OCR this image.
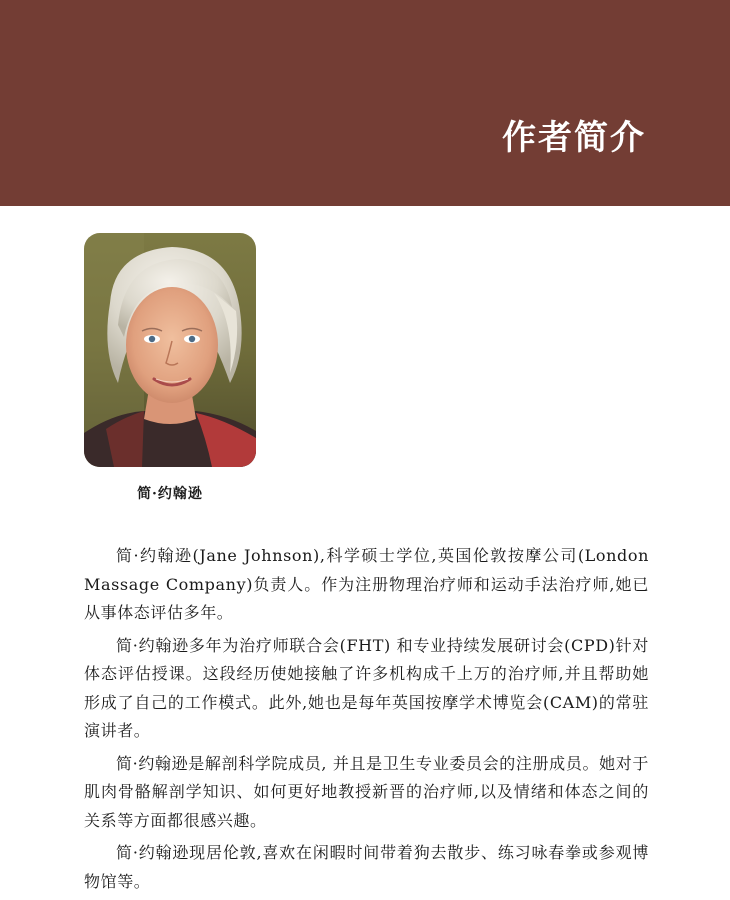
作者简介
简·约翰逊

简·约翰逊(Jane Johnson),科学硕士学位,英国伦敦按摩公司(London Massage Company)负责人。作为注册物理治疗师和运动手法治疗师,她已从事体态评估多年。

简·约翰逊多年为治疗师联合会(FHT) 和专业持续发展研讨会(CPD)针对体态评估授课。这段经历使她接触了许多机构成千上万的治疗师,并且帮助她形成了自己的工作模式。此外,她也是每年英国按摩学术博览会(CAM)的常驻演讲者。

简·约翰逊是解剖科学院成员, 并且是卫生专业委员会的注册成员。她对于肌肉骨骼解剖学知识、如何更好地教授新晋的治疗师,以及情绪和体态之间的关系等方面都很感兴趣。

简·约翰逊现居伦敦,喜欢在闲暇时间带着狗去散步、练习咏春拳或参观博物馆等。
